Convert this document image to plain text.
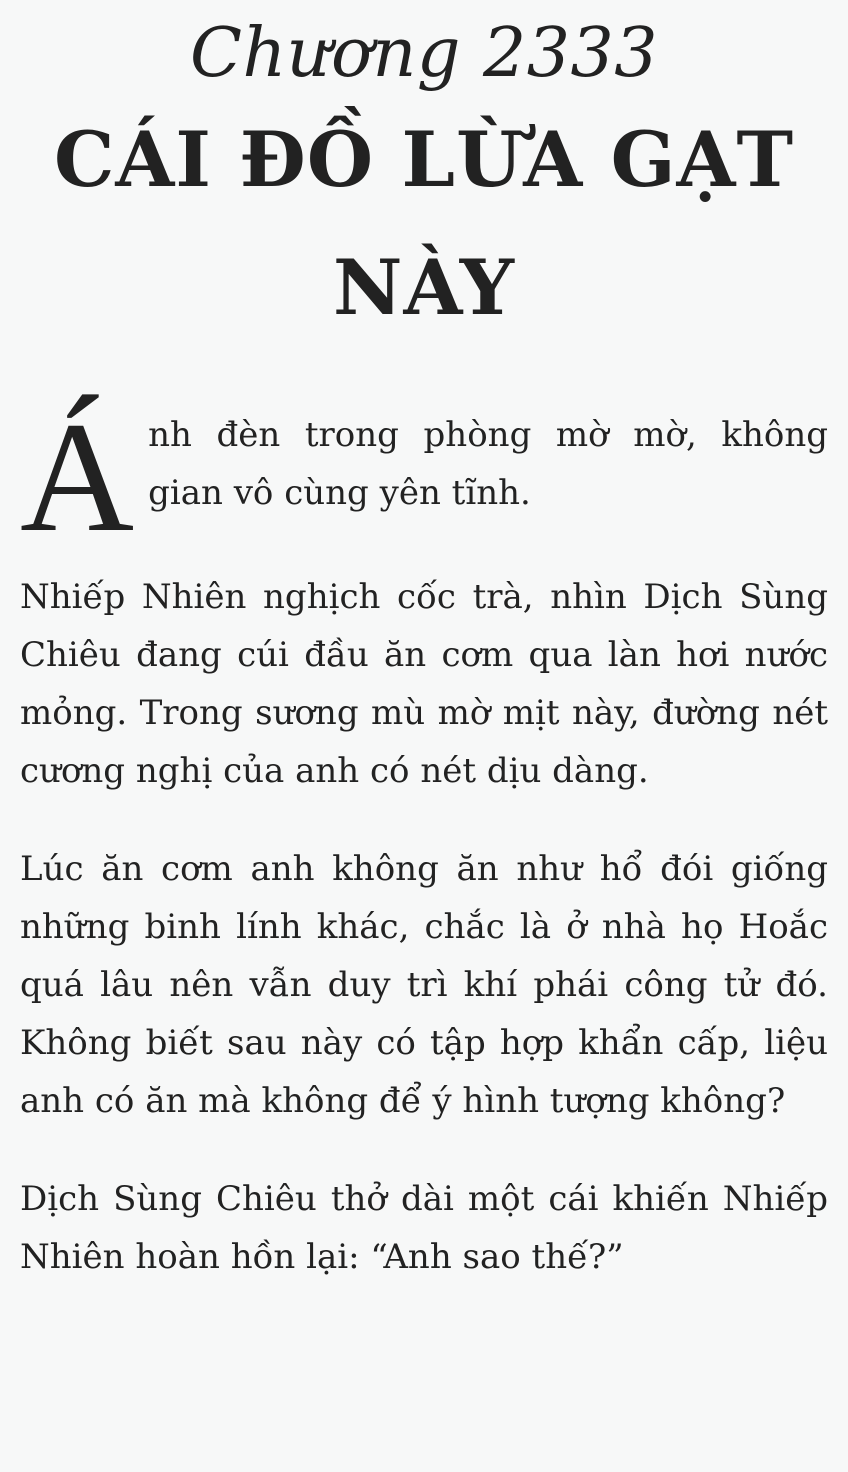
Chương 2333
CÁI ĐỒ LỪA GẠT
NÀY

Á nh đèn trong phòng mờ mờ, không gian vô cùng yên tĩnh.

Nhiếp Nhiên nghịch cốc trà, nhìn Dịch Sùng Chiêu đang cúi đầu ăn cơm qua làn hơi nước mỏng. Trong sương mù mờ mịt này, đường nét cương nghị của anh có nét dịu dàng.

Lúc ăn cơm anh không ăn như hổ đói giống những binh lính khác, chắc là ở nhà họ Hoắc quá lâu nên vẫn duy trì khí phái công tử đó. Không biết sau này có tập hợp khẩn cấp, liệu anh có ăn mà không để ý hình tượng không?

Dịch Sùng Chiêu thở dài một cái khiến Nhiếp Nhiên hoàn hồn lại: “Anh sao thế?”
